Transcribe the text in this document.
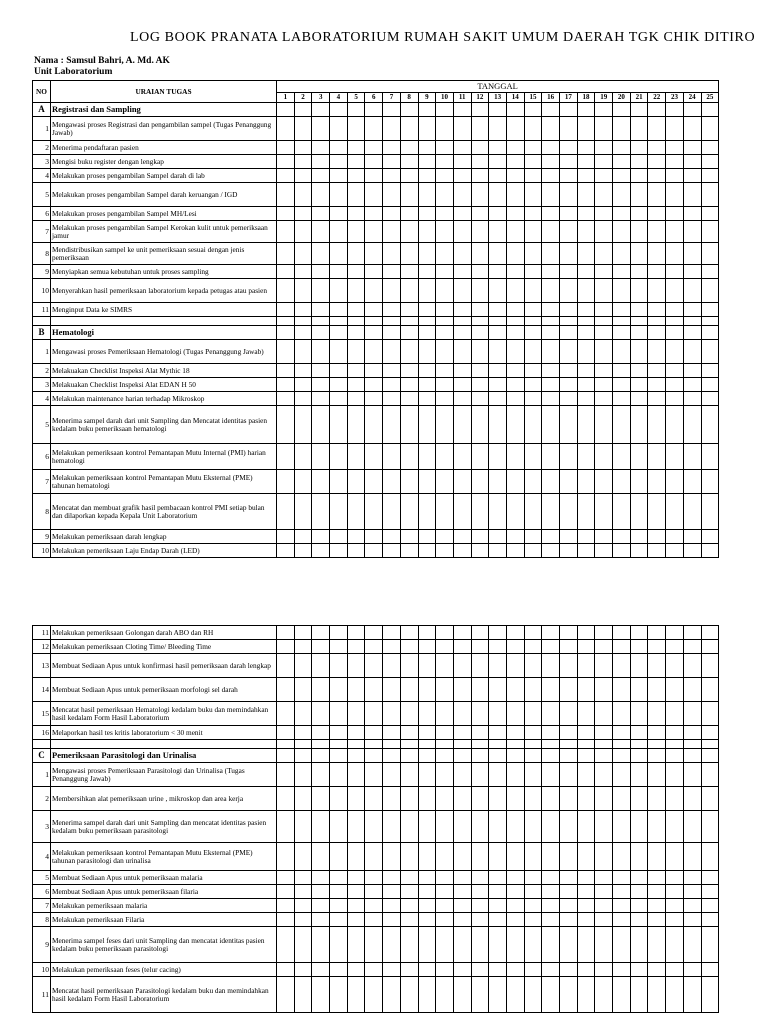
LOG BOOK PRANATA LABORATORIUM RUMAH SAKIT UMUM DAERAH TGK CHIK DITIRO
Nama : Samsul Bahri, A. Md. AK
Unit Laboratorium
NO	URAIAN TUGAS	TANGGAL																								
		1	2	3	4	5	6	7	8	9	10	11	12	13	14	15	16	17	18	19	20	21	22	23	24	25
A	Registrasi dan Sampling																									
1	Mengawasi proses Registrasi dan pengambilan sampel (Tugas Penanggung Jawab)																									
2	Menerima pendaftaran pasien																									
3	Mengisi buku register dengan lengkap																									
4	Melakukan proses pengambilan Sampel darah di lab																									
5	Melakukan proses pengambilan Sampel darah keruangan / IGD																									
6	Melakukan proses pengambilan Sampel MH/Lesi																									
7	Melakukan proses pengambilan Sampel Kerokan kulit untuk pemeriksaan jamur																									
8	Mendistribusikan sampel ke unit pemeriksaan sesuai dengan jenis pemeriksaan																									
9	Menyiapkan semua kebutuhan untuk proses sampling																									
10	Menyerahkan hasil pemeriksaan laboratorium kepada petugas atau pasien																									
11	Menginput Data ke SIMRS																									

B	Hematologi																									
1	Mengawasi proses Pemeriksaan Hematologi (Tugas Penanggung Jawab)																									
2	Melakuakan Checklist Inspeksi Alat Mythic 18																									
3	Melakuakan Checklist Inspeksi Alat EDAN H 50																									
4	Melakukan maintenance harian terhadap Mikroskop																									
5	Menerima sampel darah dari unit Sampling dan Mencatat identitas pasien kedalam buku pemeriksaan hematologi																									
6	Melakukan pemeriksaan kontrol Pemantapan Mutu Internal (PMI) harian hematologi																									
7	Melakukan pemeriksaan kontrol Pemantapan Mutu Eksternal (PME) tahunan hematologi																									
8	Mencatat dan membuat grafik hasil pembacaan kontrol PMI setiap bulan dan dilaporkan kepada Kepala Unit Laboratorium																									
9	Melakukan pemeriksaan darah lengkap																									
10	Melakukan pemeriksaan Laju Endap Darah (LED)																									
11	Melakukan pemeriksaan Golongan darah ABO dan RH																									
12	Melakukan pemeriksaan Cloting Time/ Bleeding Time																									
13	Membuat Sediaan Apus untuk konfirmasi hasil pemeriksaan darah lengkap																									
14	Membuat Sediaan Apus untuk pemeriksaan morfologi sel darah																									
15	Mencatat hasil pemeriksaan Hematologi kedalam buku dan memindahkan hasil kedalam Form Hasil Laboratorium																									
16	Melaporkan hasil tes kritis laboratorium < 30 menit																									

C	Pemeriksaan Parasitologi dan Urinalisa																									
1	Mengawasi proses Pemeriksaan Parasitologi dan Urinalisa (Tugas Penanggung Jawab)																									
2	Membersihkan alat pemeriksaan urine , mikroskop dan area kerja																									
3	Menerima sampel darah dari unit Sampling dan mencatat identitas pasien kedalam buku pemeriksaan parasitologi																									
4	Melakukan pemeriksaan kontrol Pemantapan Mutu Eksternal (PME) tahunan parasitologi dan urinalisa																									
5	Membuat Sediaan Apus untuk pemeriksaan malaria																									
6	Membuat Sediaan Apus untuk pemeriksaan filaria																									
7	Melakukan pemeriksaan malaria																									
8	Melakukan pemeriksaan Filaria																									
9	Menerima sampel feses dari unit Sampling dan mencatat identitas pasien kedalam buku pemeriksaan parasitologi																									
10	Melakukan pemeriksaan feses (telur cacing)																									
11	Mencatat hasil pemeriksaan Parasitologi kedalam buku dan memindahkan hasil kedalam Form Hasil Laboratorium																									
